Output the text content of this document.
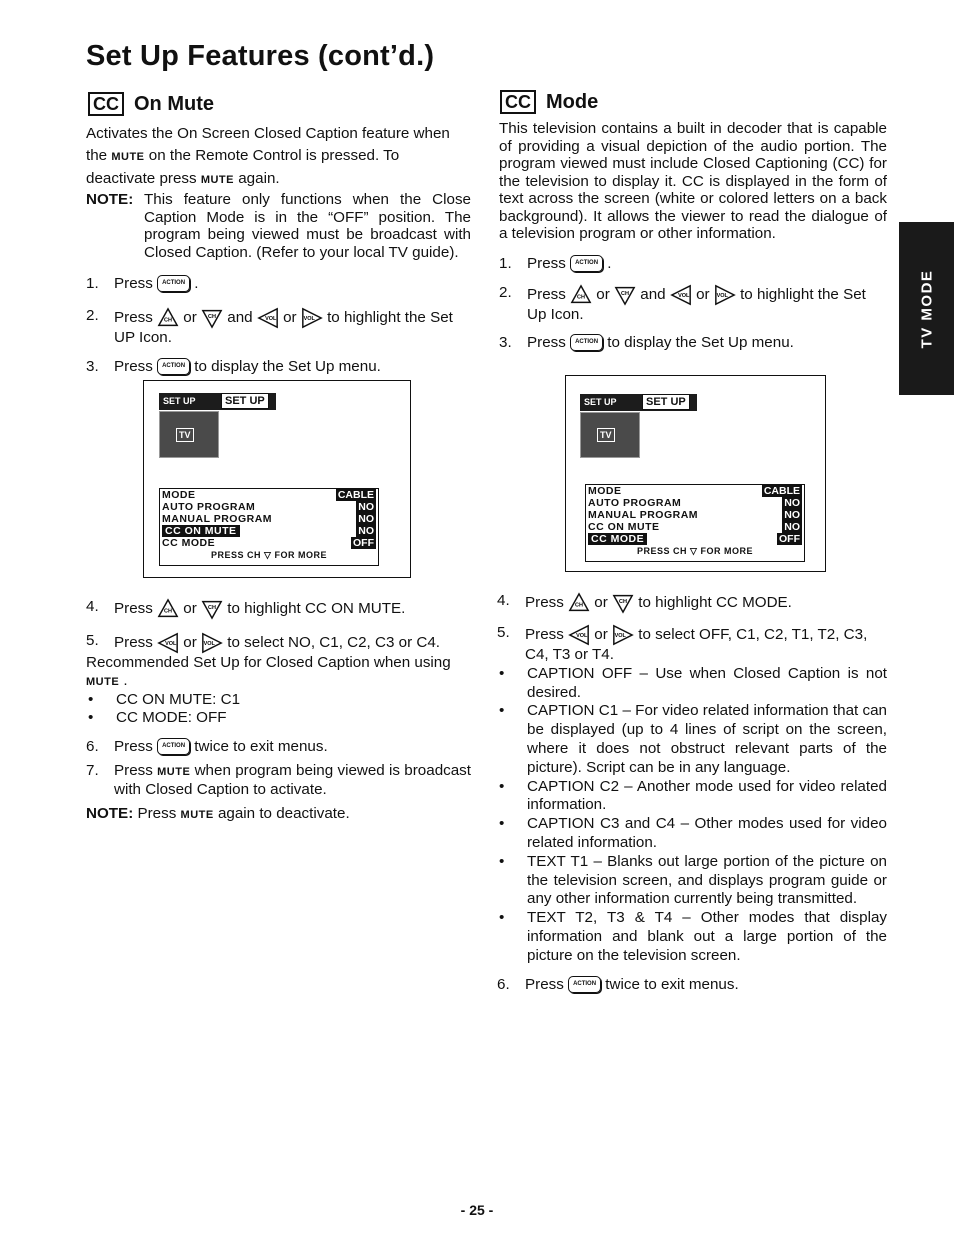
Set Up Features (cont’d.)
TV MODE
CC On Mute
Activates the On Screen Closed Caption feature when
the MUTE on the Remote Control is pressed. To
deactivate press MUTE again.
NOTE: This feature only functions when the Close Caption Mode is in the “OFF” position. The program being viewed must be broadcast with Closed Caption. (Refer to your local TV guide).
1.	Press ACTION .
2.	Press or and or to highlight the Set UP Icon.
3.	Press ACTION to display the Set Up menu.
SET UP	SET UP
TV
MODE	CABLE
AUTO PROGRAM	NO
MANUAL PROGRAM	NO
CC ON MUTE	NO
CC MODE	OFF
PRESS CH ▽ FOR MORE
4.	Press or to highlight CC ON MUTE.
5.	Press or to select NO, C1, C2, C3 or C4.
Recommended Set Up for Closed Caption when using
MUTE .
•	CC ON MUTE: C1
•	CC MODE: OFF
6.	Press ACTION twice to exit menus.
7.	Press MUTE when program being viewed is broadcast with Closed Caption to activate.
NOTE: Press MUTE again to deactivate.
CC Mode
This television contains a built in decoder that is capable of providing a visual depiction of the audio portion. The program viewed must include Closed Captioning (CC) for the television to display it. CC is displayed in the form of text across the screen (white or colored letters on a back background). It allows the viewer to read the dialogue of a television program or other information.
1.	Press ACTION .
2.	Press or and or to highlight the Set Up Icon.
3.	Press ACTION to display the Set Up menu.
SET UP	SET UP
TV
MODE	CABLE
AUTO PROGRAM	NO
MANUAL PROGRAM	NO
CC ON MUTE	NO
CC MODE	OFF
PRESS CH ▽ FOR MORE
4.	Press or to highlight CC MODE.
5.	Press or to select OFF, C1, C2, T1, T2, C3, C4, T3 or T4.
•	CAPTION OFF – Use when Closed Caption is not desired.
•	CAPTION C1 – For video related information that can be displayed (up to 4 lines of script on the screen, where it does not obstruct relevant parts of the picture). Script can be in any language.
•	CAPTION C2 – Another mode used for video related information.
•	CAPTION C3 and C4 – Other modes used for video related information.
•	TEXT T1 – Blanks out large portion of the picture on the television screen, and displays program guide or any other information currently being transmitted.
•	TEXT T2, T3 & T4 – Other modes that display information and blank out a large portion of the picture on the television screen.
6.	Press ACTION twice to exit menus.
- 25 -
